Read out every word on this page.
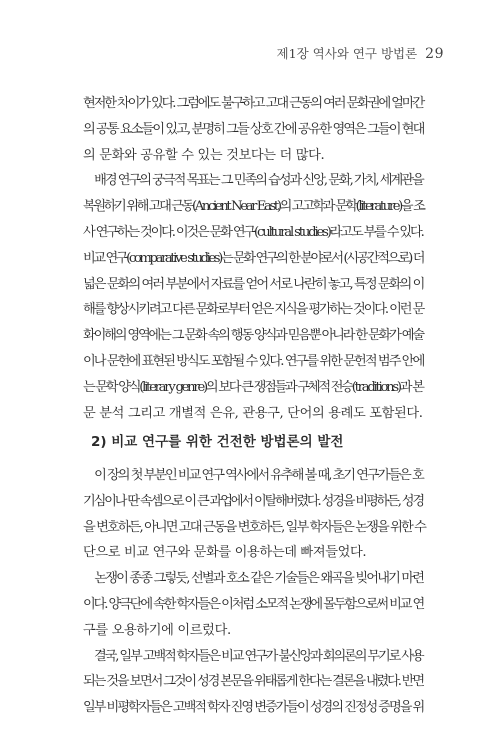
제1장 역사와 연구 방법론 29
현저한 차이가 있다. 그럼에도 불구하고 고대 근동의 여러 문화권에 얼마간
의 공통 요소들이 있고, 분명히 그들 상호 간에 공유한 영역은 그들이 현대
의 문화와 공유할 수 있는 것보다는 더 많다.
　배경 연구의 궁극적 목표는 그 민족의 습성과 신앙, 문화, 가치, 세계관을
복원하기 위해 고대 근동(Ancient Near East)의 고고학과 문학(literature)을 조
사 연구하는 것이다. 이것은 문화 연구(cultural studies)라고도 부를 수 있다.
비교 연구(comparative studies)는 문화 연구의 한 분야로서 (시공간적으로) 더
넓은 문화의 여러 부분에서 자료를 얻어 서로 나란히 놓고, 특정 문화의 이
해를 향상시키려고 다른 문화로부터 얻은 지식을 평가하는 것이다. 이런 문
화이해의 영역에는 그 문화 속의 행동 양식과 믿음뿐 아니라 한 문화가 예술
이나 문헌에 표현된 방식도 포함될 수 있다. 연구를 위한 문헌적 범주 안에
는 문학 양식(literary genre)의 보다 큰 쟁점들과 구체적 전승(traditions)과 본
문 분석 그리고 개별적 은유, 관용구, 단어의 용례도 포함된다.
2) 비교 연구를 위한 건전한 방법론의 발전
　이 장의 첫 부분인 비교 연구 역사에서 유추해 볼 때, 초기 연구가들은 호
기심이나 딴 속셈으로 이 큰 과업에서 이탈해버렸다. 성경을 비평하든, 성경
을 변호하든, 아니면 고대 근동을 변호하든, 일부 학자들은 논쟁을 위한 수
단으로 비교 연구와 문화를 이용하는데 빠져들었다.
　논쟁이 종종 그렇듯, 선별과 호소 같은 기술들은 왜곡을 빚어내기 마련
이다. 양극단에 속한 학자들은 이처럼 소모적 논쟁에 몰두함으로써 비교 연
구를 오용하기에 이르렀다.
　결국, 일부 고백적 학자들은 비교 연구가 불신앙과 회의론의 무기로 사용
되는 것을 보면서 그것이 성경 본문을 위태롭게 한다는 결론을 내렸다. 반면
일부 비평학자들은 고백적 학자 진영 변증가들이 성경의 진정성 증명을 위
